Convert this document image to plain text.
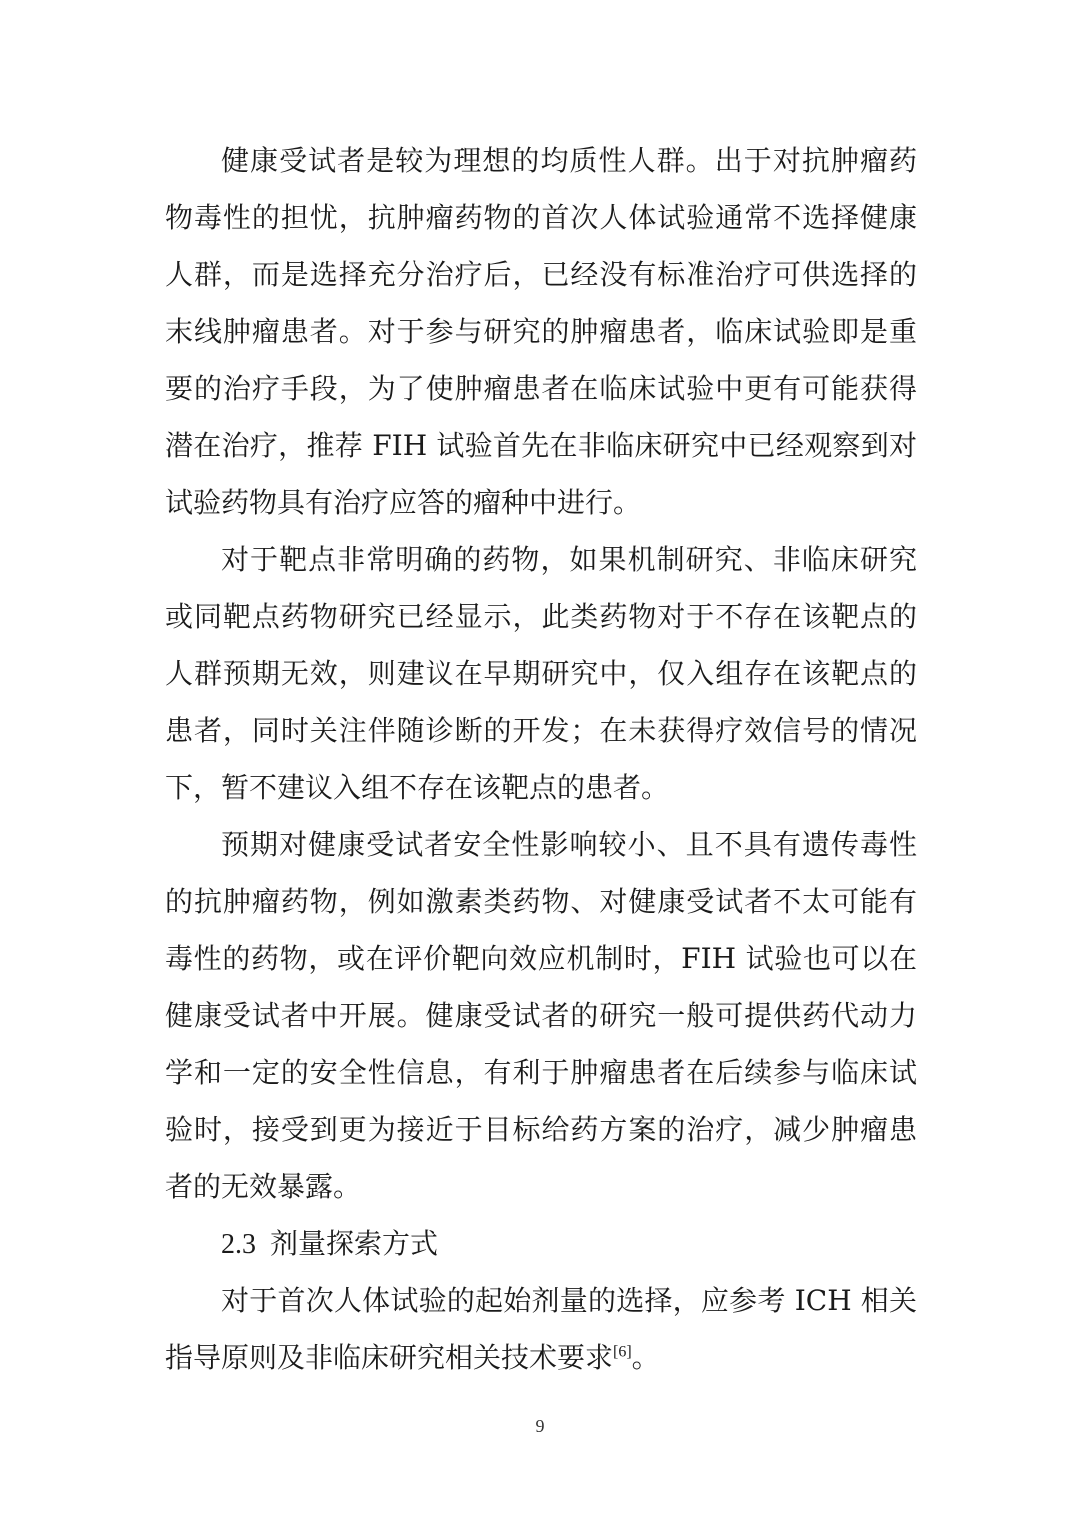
健康受试者是较为理想的均质性人群。出于对抗肿瘤药
物毒性的担忧，抗肿瘤药物的首次人体试验通常不选择健康
人群，而是选择充分治疗后，已经没有标准治疗可供选择的
末线肿瘤患者。对于参与研究的肿瘤患者，临床试验即是重
要的治疗手段，为了使肿瘤患者在临床试验中更有可能获得
潜在治疗，推荐 FIH 试验首先在非临床研究中已经观察到对
试验药物具有治疗应答的瘤种中进行。
对于靶点非常明确的药物，如果机制研究、非临床研究
或同靶点药物研究已经显示，此类药物对于不存在该靶点的
人群预期无效，则建议在早期研究中，仅入组存在该靶点的
患者，同时关注伴随诊断的开发；在未获得疗效信号的情况
下，暂不建议入组不存在该靶点的患者。
预期对健康受试者安全性影响较小、且不具有遗传毒性
的抗肿瘤药物，例如激素类药物、对健康受试者不太可能有
毒性的药物，或在评价靶向效应机制时，FIH 试验也可以在
健康受试者中开展。健康受试者的研究一般可提供药代动力
学和一定的安全性信息，有利于肿瘤患者在后续参与临床试
验时，接受到更为接近于目标给药方案的治疗，减少肿瘤患
者的无效暴露。
2.3 剂量探索方式
对于首次人体试验的起始剂量的选择，应参考 ICH 相关
指导原则及非临床研究相关技术要求[6]。
9
